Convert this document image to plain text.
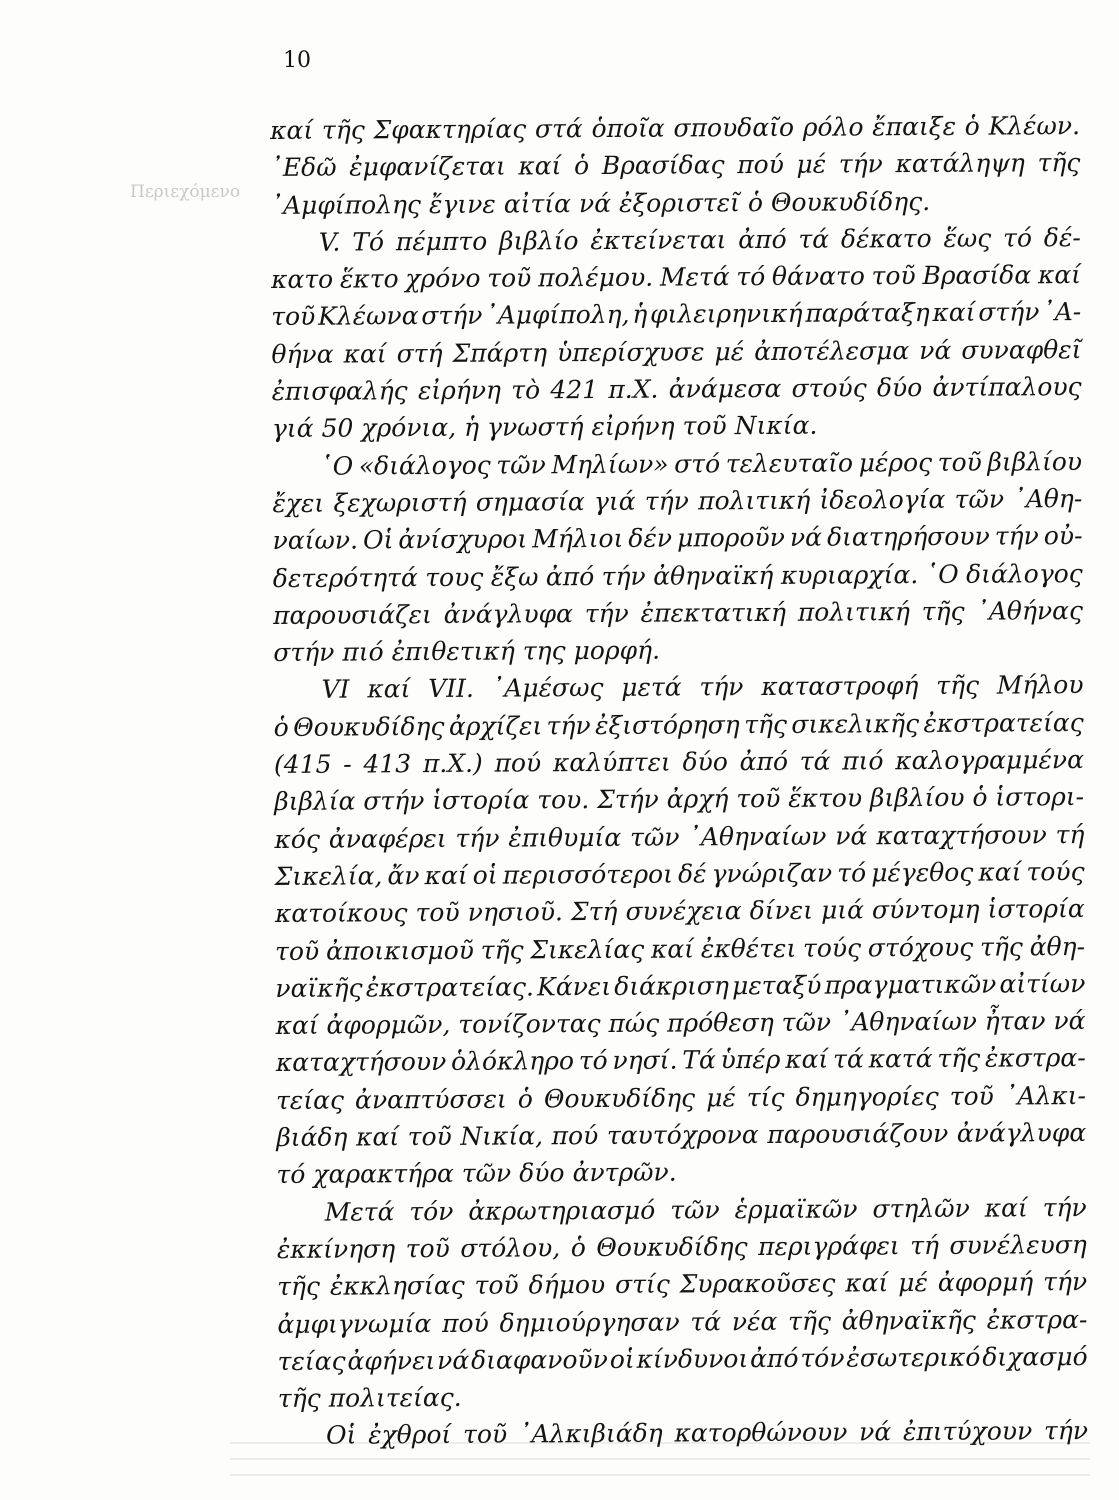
10
Περιεχόμενο
καί τῆς Σφακτηρίας στά ὁποῖα σπουδαῖο ρόλο ἔπαιξε ὁ Κλέων.
᾿Εδῶ ἐμφανίζεται καί ὁ Βρασίδας πού μέ τήν κατάληψη τῆς
᾿Αμφίπολης ἔγινε αἰτία νά ἐξοριστεῖ ὁ Θουκυδίδης.
V. Τό πέμπτο βιβλίο ἐκτείνεται ἀπό τά δέκατο ἕως τό δέ-
κατο ἕκτο χρόνο τοῦ πολέμου. Μετά τό θάνατο τοῦ Βρασίδα καί
τοῦ Κλέωνα στήν ᾿Αμφίπολη, ἡ φιλειρηνική παράταξη καί στήν ᾿Α-
θήνα καί στή Σπάρτη ὑπερίσχυσε μέ ἀποτέλεσμα νά συναφθεῖ
ἐπισφαλής εἰρήνη τὸ 421 π.Χ. ἀνάμεσα στούς δύο ἀντίπαλους
γιά 50 χρόνια, ἡ γνωστή εἰρήνη τοῦ Νικία.
῾Ο «διάλογος τῶν Μηλίων» στό τελευταῖο μέρος τοῦ βιβλίου
ἔχει ξεχωριστή σημασία γιά τήν πολιτική ἰδεολογία τῶν ᾿Αθη-
ναίων. Οἱ ἀνίσχυροι Μήλιοι δέν μποροῦν νά διατηρήσουν τήν οὐ-
δετερότητά τους ἔξω ἀπό τήν ἀθηναϊκή κυριαρχία. ῾Ο διάλογος
παρουσιάζει ἀνάγλυφα τήν ἐπεκτατική πολιτική τῆς ᾿Αθήνας
στήν πιό ἐπιθετική της μορφή.
VI καί VII. ᾿Αμέσως μετά τήν καταστροφή τῆς Μήλου
ὁ Θουκυδίδης ἀρχίζει τήν ἐξιστόρηση τῆς σικελικῆς ἐκστρατείας
(415 - 413 π.Χ.) πού καλύπτει δύο ἀπό τά πιό καλογραμμένα
βιβλία στήν ἱστορία του. Στήν ἀρχή τοῦ ἕκτου βιβλίου ὁ ἱστορι-
κός ἀναφέρει τήν ἐπιθυμία τῶν ᾿Αθηναίων νά καταχτήσουν τή
Σικελία, ἄν καί οἱ περισσότεροι δέ γνώριζαν τό μέγεθος καί τούς
κατοίκους τοῦ νησιοῦ. Στή συνέχεια δίνει μιά σύντομη ἱστορία
τοῦ ἀποικισμοῦ τῆς Σικελίας καί ἐκθέτει τούς στόχους τῆς ἀθη-
ναϊκῆς ἐκστρατείας. Κάνει διάκριση μεταξύ πραγματικῶν αἰτίων
καί ἀφορμῶν, τονίζοντας πώς πρόθεση τῶν ᾿Αθηναίων ἦταν νά
καταχτήσουν ὁλόκληρο τό νησί. Τά ὑπέρ καί τά κατά τῆς ἐκστρα-
τείας ἀναπτύσσει ὁ Θουκυδίδης μέ τίς δημηγορίες τοῦ ᾿Αλκι-
βιάδη καί τοῦ Νικία, πού ταυτόχρονα παρουσιάζουν ἀνάγλυφα
τό χαρακτήρα τῶν δύο ἀντρῶν.
Μετά τόν ἀκρωτηριασμό τῶν ἑρμαϊκῶν στηλῶν καί τήν
ἐκκίνηση τοῦ στόλου, ὁ Θουκυδίδης περιγράφει τή συνέλευση
τῆς ἐκκλησίας τοῦ δήμου στίς Συρακοῦσες καί μέ ἀφορμή τήν
ἀμφιγνωμία πού δημιούργησαν τά νέα τῆς ἀθηναϊκῆς ἐκστρα-
τείας ἀφήνει νά διαφανοῦν οἱ κίνδυνοι ἀπό τόν ἐσωτερικό διχασμό
τῆς πολιτείας.
Οἱ ἐχθροί τοῦ ᾿Αλκιβιάδη κατορθώνουν νά ἐπιτύχουν τήν
